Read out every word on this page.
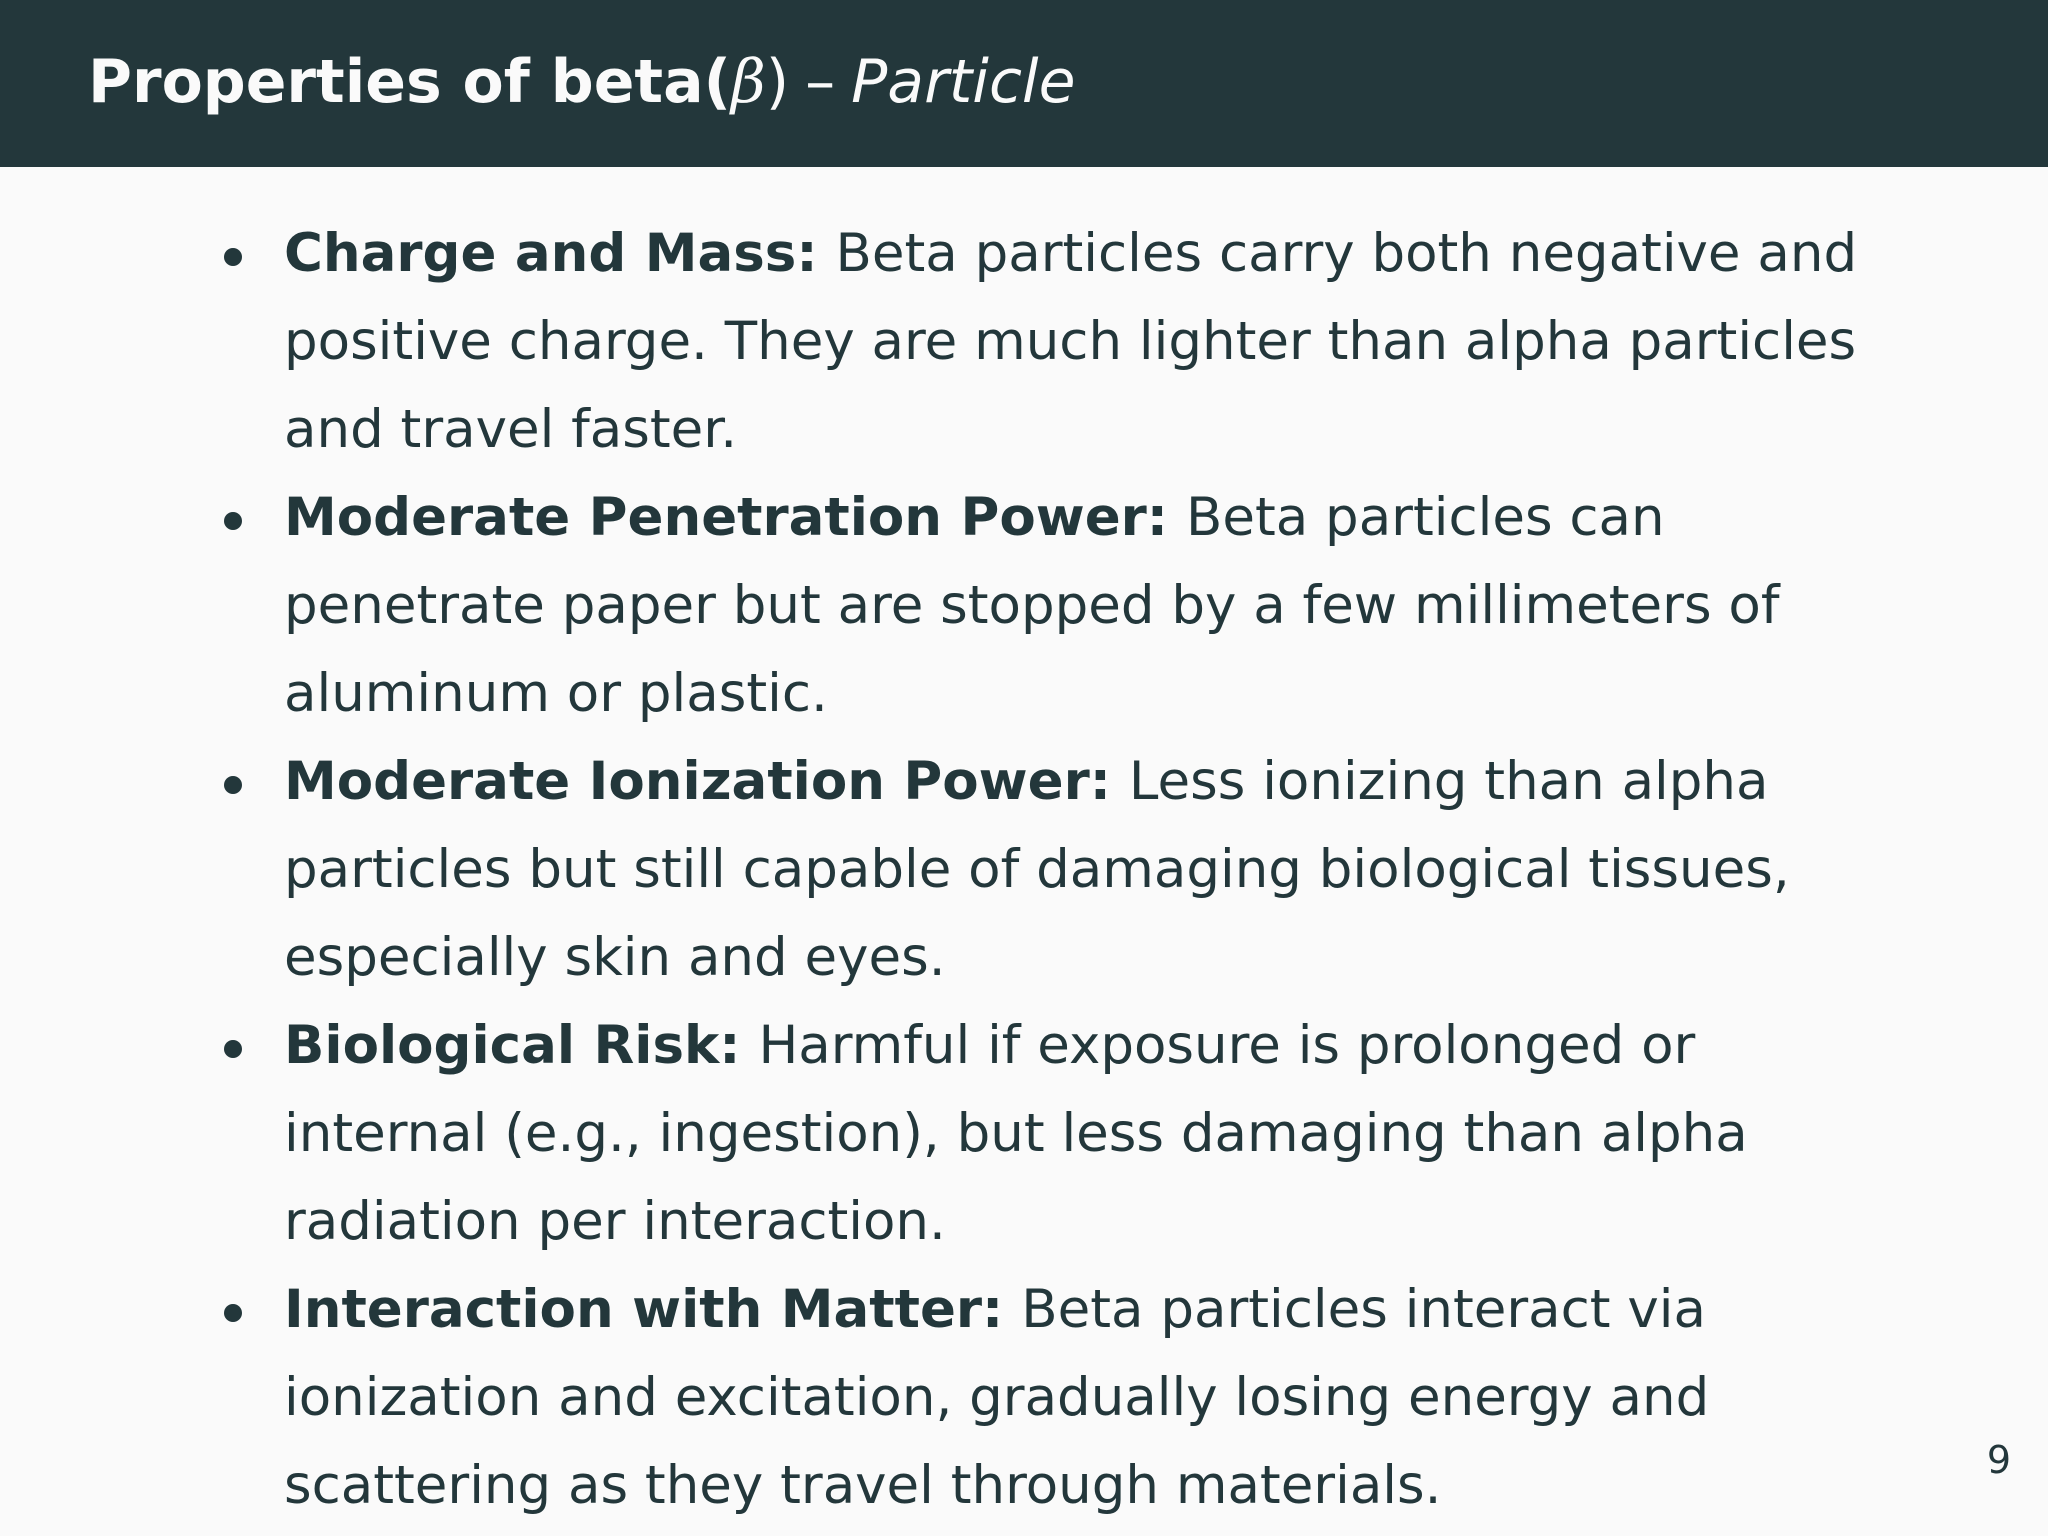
Properties of beta(β) – Particle
Charge and Mass: Beta particles carry both negative and positive charge. They are much lighter than alpha particles and travel faster.
Moderate Penetration Power: Beta particles can penetrate paper but are stopped by a few millimeters of aluminum or plastic.
Moderate Ionization Power: Less ionizing than alpha particles but still capable of damaging biological tissues, especially skin and eyes.
Biological Risk: Harmful if exposure is prolonged or internal (e.g., ingestion), but less damaging than alpha radiation per interaction.
Interaction with Matter: Beta particles interact via ionization and excitation, gradually losing energy and scattering as they travel through materials.	9
